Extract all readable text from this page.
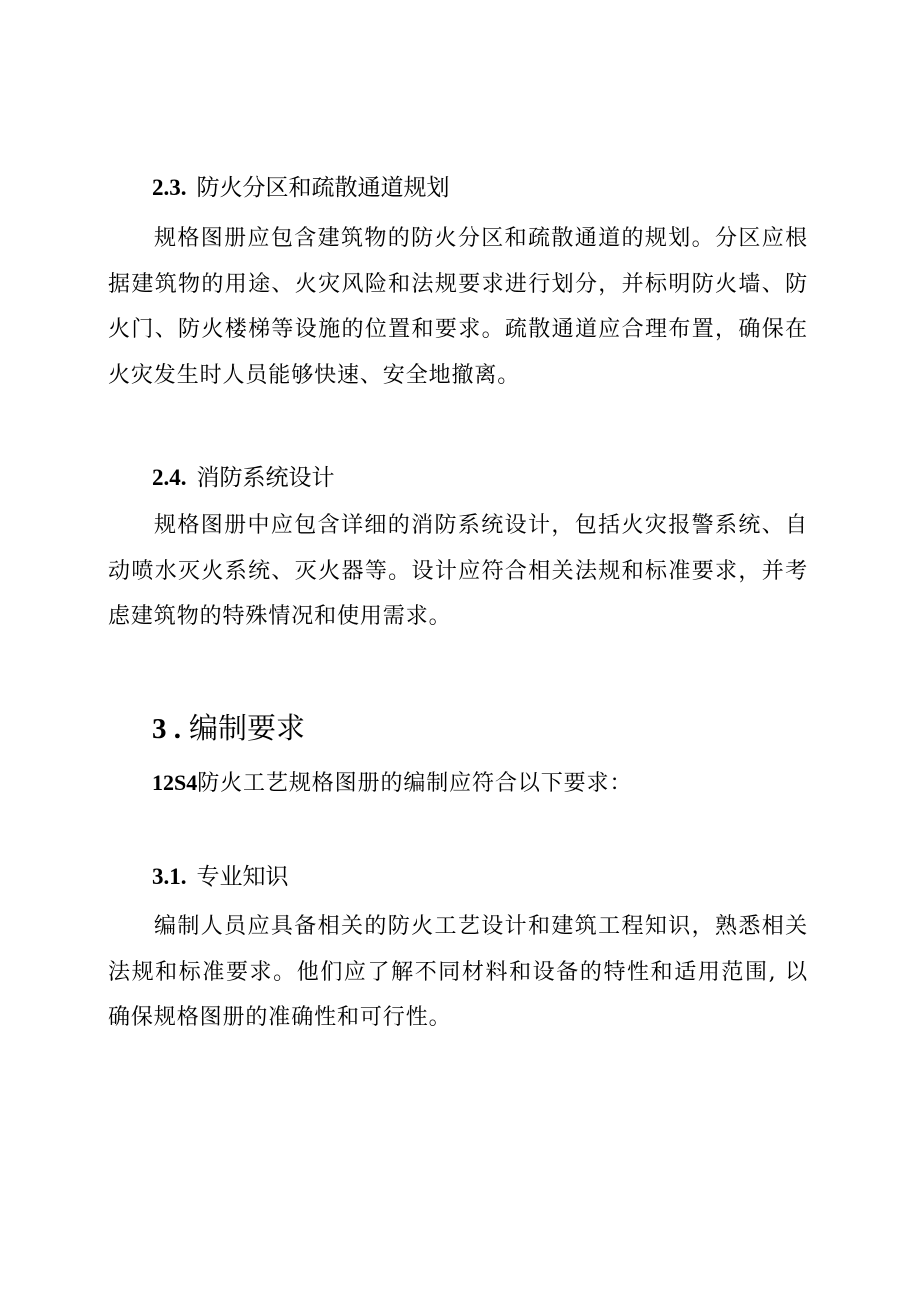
2.3. 防火分区和疏散通道规划

规格图册应包含建筑物的防火分区和疏散通道的规划。分区应根据建筑物的用途、火灾风险和法规要求进行划分，并标明防火墙、防火门、防火楼梯等设施的位置和要求。疏散通道应合理布置，确保在火灾发生时人员能够快速、安全地撤离。

2.4. 消防系统设计

规格图册中应包含详细的消防系统设计，包括火灾报警系统、自动喷水灭火系统、灭火器等。设计应符合相关法规和标准要求，并考虑建筑物的特殊情况和使用需求。

3 . 编制要求
12S4防火工艺规格图册的编制应符合以下要求：
3.1. 专业知识

编制人员应具备相关的防火工艺设计和建筑工程知识，熟悉相关法规和标准要求。他们应了解不同材料和设备的特性和适用范围, 以确保规格图册的准确性和可行性。
